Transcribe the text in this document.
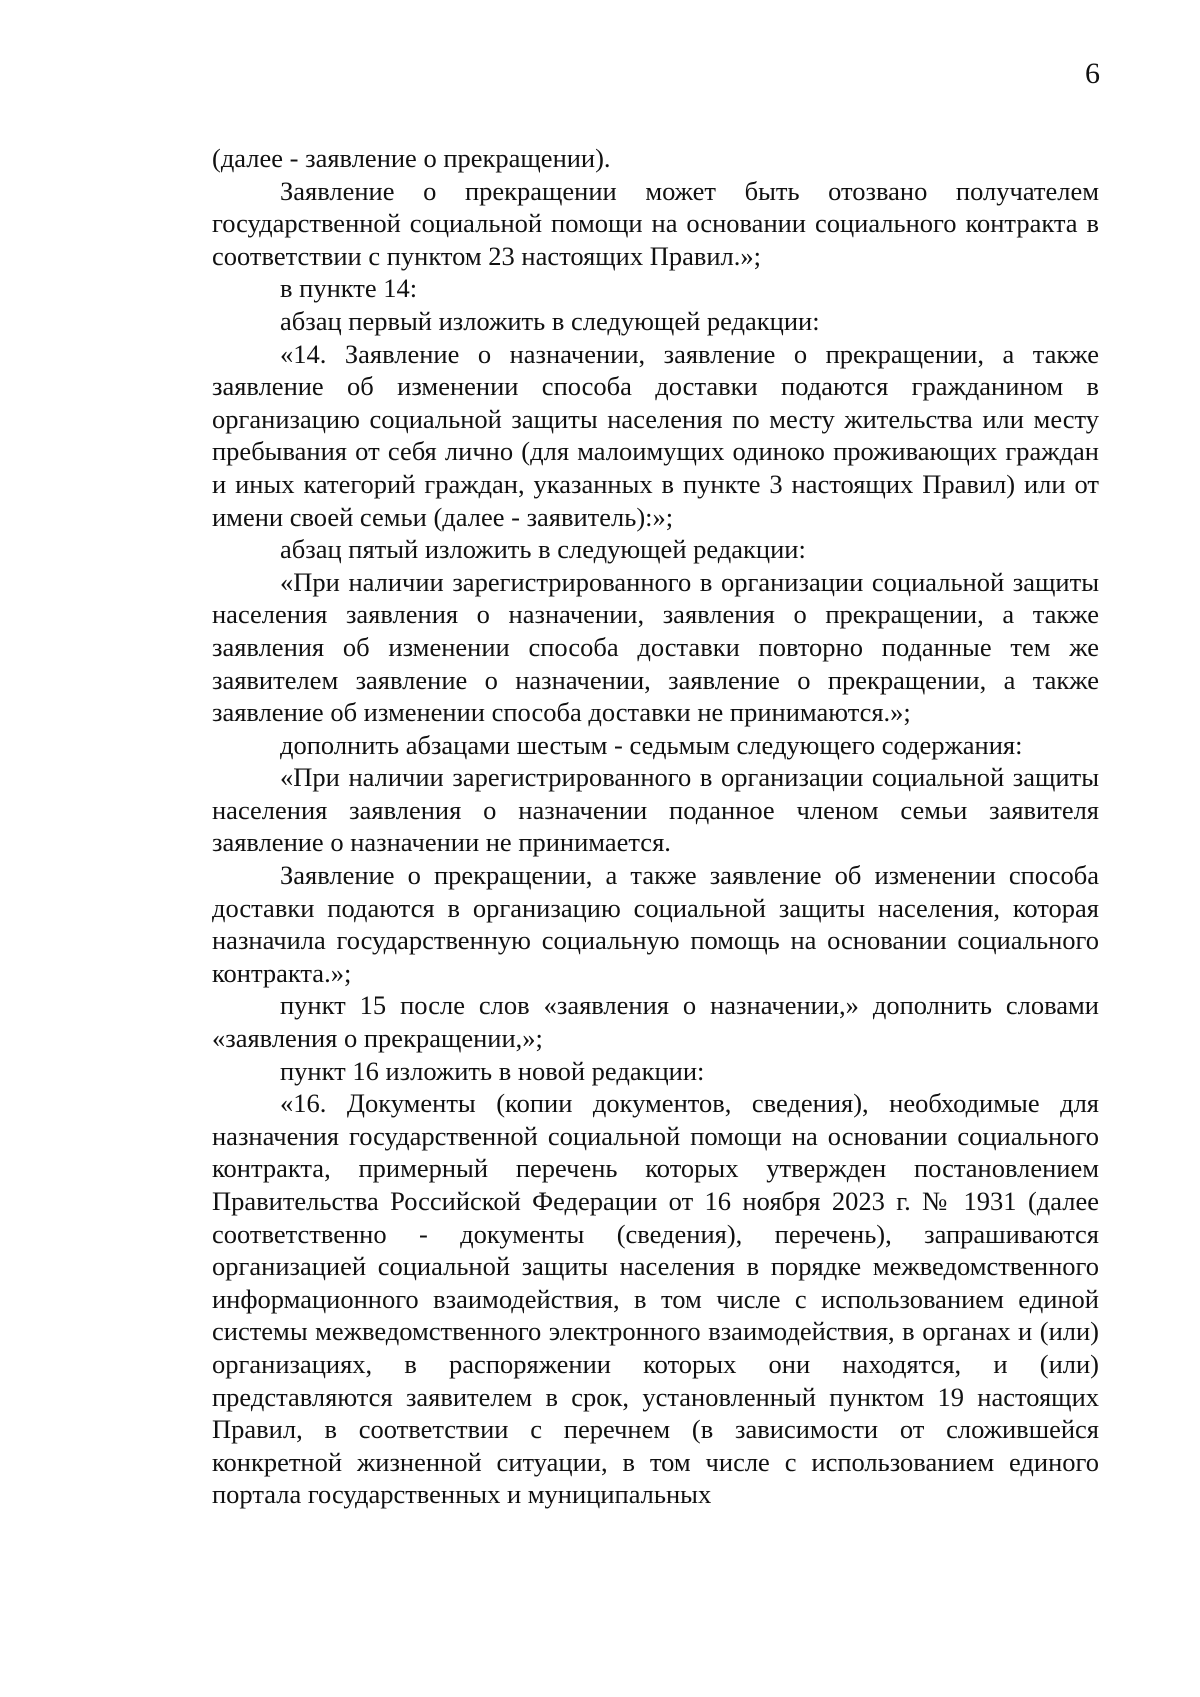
6

(далее - заявление о прекращении).

Заявление о прекращении может быть отозвано получателем государственной социальной помощи на основании социального контракта в соответствии с пунктом 23 настоящих Правил.»;

в пункте 14:

абзац первый изложить в следующей редакции:

«14. Заявление о назначении, заявление о прекращении, а также заявление об изменении способа доставки подаются гражданином в организацию социальной защиты населения по месту жительства или месту пребывания от себя лично (для малоимущих одиноко проживающих граждан и иных категорий граждан, указанных в пункте 3 настоящих Правил) или от имени своей семьи (далее - заявитель):»;

абзац пятый изложить в следующей редакции:

«При наличии зарегистрированного в организации социальной защиты населения заявления о назначении, заявления о прекращении, а также заявления об изменении способа доставки повторно поданные тем же заявителем заявление о назначении, заявление о прекращении, а также заявление об изменении способа доставки не принимаются.»;

дополнить абзацами шестым - седьмым следующего содержания:

«При наличии зарегистрированного в организации социальной защиты населения заявления о назначении поданное членом семьи заявителя заявление о назначении не принимается.

Заявление о прекращении, а также заявление об изменении способа доставки подаются в организацию социальной защиты населения, которая назначила государственную социальную помощь на основании социального контракта.»;

пункт 15 после слов «заявления о назначении,» дополнить словами «заявления о прекращении,»;

пункт 16 изложить в новой редакции:

«16. Документы (копии документов, сведения), необходимые для назначения государственной социальной помощи на основании социального контракта, примерный перечень которых утвержден постановлением Правительства Российской Федерации от 16 ноября 2023 г. № 1931 (далее соответственно - документы (сведения), перечень), запрашиваются организацией социальной защиты населения в порядке межведомственного информационного взаимодействия, в том числе с использованием единой системы межведомственного электронного взаимодействия, в органах и (или) организациях, в распоряжении которых они находятся, и (или) представляются заявителем в срок, установленный пунктом 19 настоящих Правил, в соответствии с перечнем (в зависимости от сложившейся конкретной жизненной ситуации, в том числе с использованием единого портала государственных и муниципальных
